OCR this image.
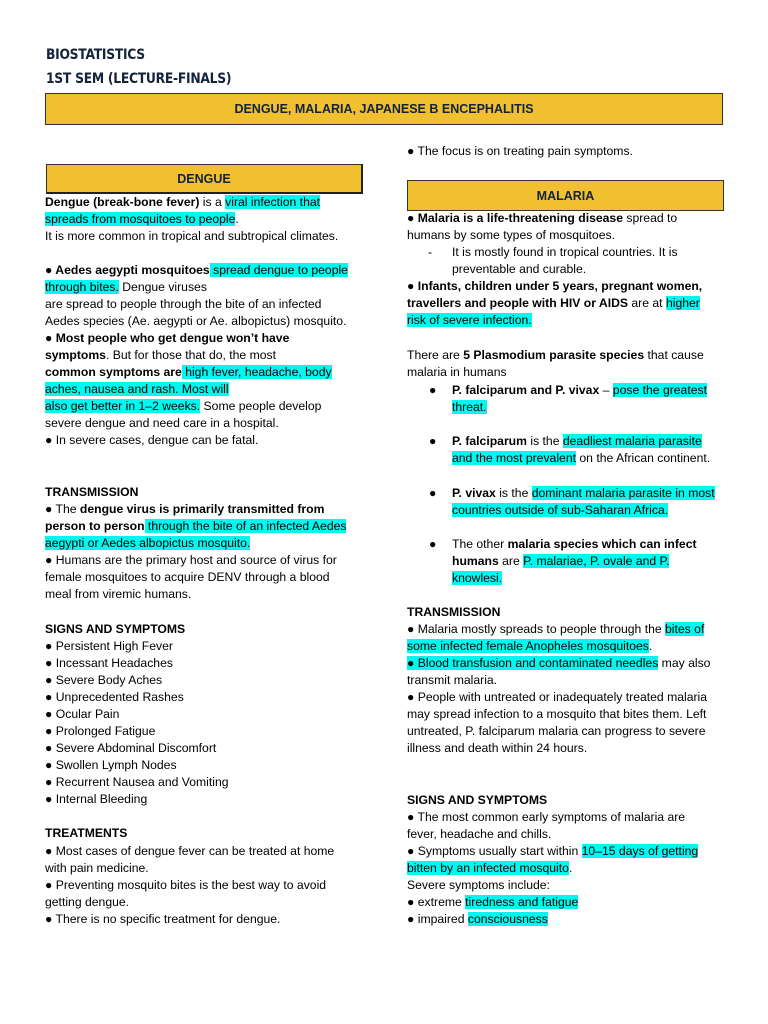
BIOSTATISTICS
1ST SEM (LECTURE-FINALS)
DENGUE, MALARIA, JAPANESE B ENCEPHALITIS
DENGUE
Dengue (break-bone fever) is a viral infection that
spreads from mosquitoes to people.
It is more common in tropical and subtropical climates.
● Aedes aegypti mosquitoes spread dengue to people
through bites. Dengue viruses
are spread to people through the bite of an infected
Aedes species (Ae. aegypti or Ae. albopictus) mosquito.
● Most people who get dengue won’t have
symptoms. But for those that do, the most
common symptoms are high fever, headache, body
aches, nausea and rash. Most will
also get better in 1–2 weeks. Some people develop
severe dengue and need care in a hospital.
● In severe cases, dengue can be fatal.
TRANSMISSION
● The dengue virus is primarily transmitted from
person to person through the bite of an infected Aedes
aegypti or Aedes albopictus mosquito.
● Humans are the primary host and source of virus for
female mosquitoes to acquire DENV through a blood
meal from viremic humans.
SIGNS AND SYMPTOMS
● Persistent High Fever
● Incessant Headaches
● Severe Body Aches
● Unprecedented Rashes
● Ocular Pain
● Prolonged Fatigue
● Severe Abdominal Discomfort
● Swollen Lymph Nodes
● Recurrent Nausea and Vomiting
● Internal Bleeding
TREATMENTS
● Most cases of dengue fever can be treated at home
with pain medicine.
● Preventing mosquito bites is the best way to avoid
getting dengue.
● There is no specific treatment for dengue.
● The focus is on treating pain symptoms.
MALARIA
● Malaria is a life-threatening disease spread to
humans by some types of mosquitoes.
- It is mostly found in tropical countries. It is
preventable and curable.
● Infants, children under 5 years, pregnant women,
travellers and people with HIV or AIDS are at higher
risk of severe infection.
There are 5 Plasmodium parasite species that cause
malaria in humans
● P. falciparum and P. vivax – pose the greatest
threat.
● P. falciparum is the deadliest malaria parasite
and the most prevalent on the African continent.
● P. vivax is the dominant malaria parasite in most
countries outside of sub-Saharan Africa.
● The other malaria species which can infect
humans are P. malariae, P. ovale and P.
knowlesi.
TRANSMISSION
● Malaria mostly spreads to people through the bites of
some infected female Anopheles mosquitoes.
● Blood transfusion and contaminated needles may also
transmit malaria.
● People with untreated or inadequately treated malaria
may spread infection to a mosquito that bites them. Left
untreated, P. falciparum malaria can progress to severe
illness and death within 24 hours.
SIGNS AND SYMPTOMS
● The most common early symptoms of malaria are
fever, headache and chills.
● Symptoms usually start within 10–15 days of getting
bitten by an infected mosquito.
Severe symptoms include:
● extreme tiredness and fatigue
● impaired consciousness
